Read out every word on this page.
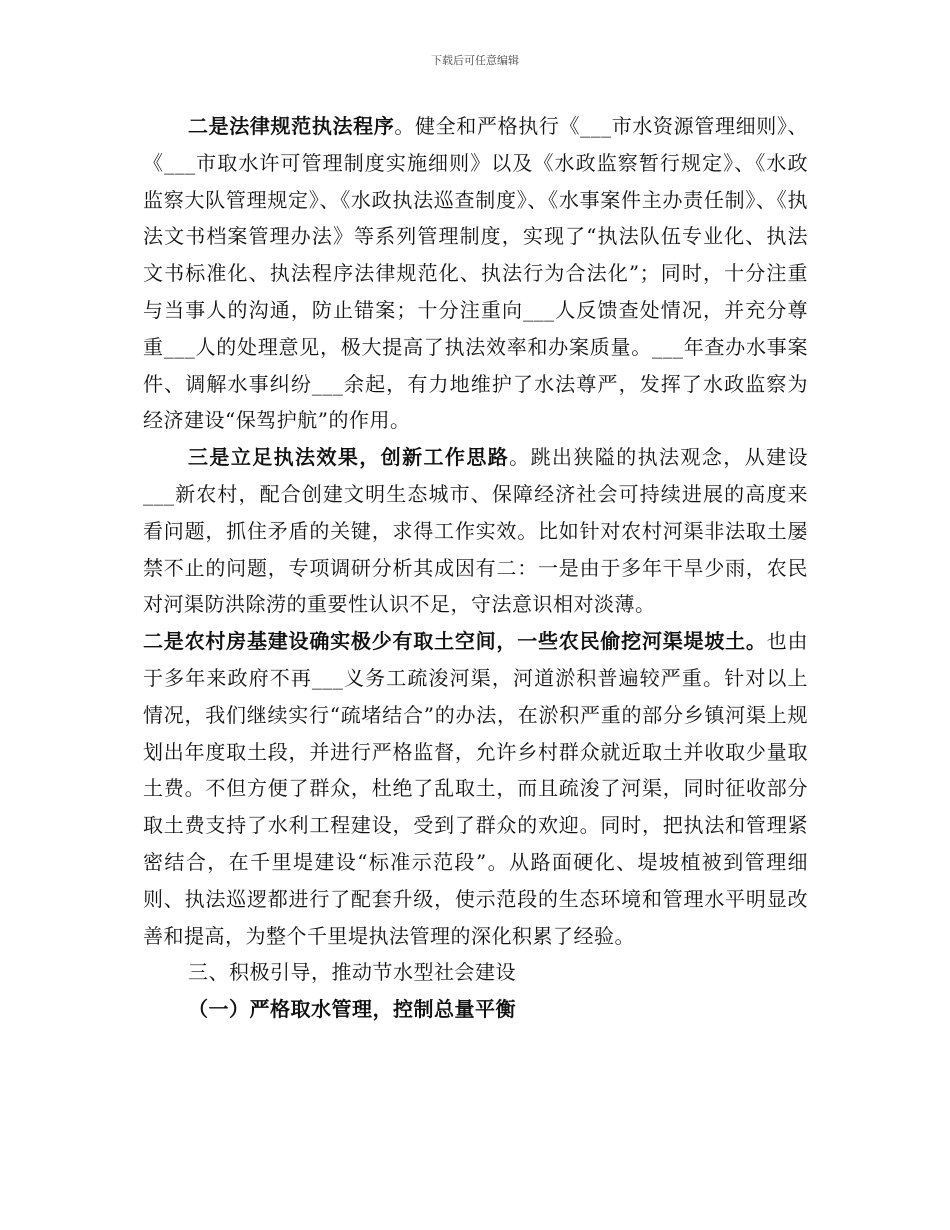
下载后可任意编辑

二是法律规范执法程序。健全和严格执行《___市水资源管理细则》、《___市取水许可管理制度实施细则》以及《水政监察暂行规定》、《水政监察大队管理规定》、《水政执法巡查制度》、《水事案件主办责任制》、《执法文书档案管理办法》等系列管理制度，实现了“执法队伍专业化、执法文书标准化、执法程序法律规范化、执法行为合法化”；同时，十分注重与当事人的沟通，防止错案；十分注重向___人反馈查处情况，并充分尊重___人的处理意见，极大提高了执法效率和办案质量。___年查办水事案件、调解水事纠纷___余起，有力地维护了水法尊严，发挥了水政监察为经济建设“保驾护航”的作用。

三是立足执法效果，创新工作思路。跳出狭隘的执法观念，从建设___新农村，配合创建文明生态城市、保障经济社会可持续进展的高度来看问题，抓住矛盾的关键，求得工作实效。比如针对农村河渠非法取土屡禁不止的问题，专项调研分析其成因有二：一是由于多年干旱少雨，农民对河渠防洪除涝的重要性认识不足，守法意识相对淡薄。

二是农村房基建设确实极少有取土空间，一些农民偷挖河渠堤坡土。也由于多年来政府不再___义务工疏浚河渠，河道淤积普遍较严重。针对以上情况，我们继续实行“疏堵结合”的办法，在淤积严重的部分乡镇河渠上规划出年度取土段，并进行严格监督，允许乡村群众就近取土并收取少量取土费。不但方便了群众，杜绝了乱取土，而且疏浚了河渠，同时征收部分取土费支持了水利工程建设，受到了群众的欢迎。同时，把执法和管理紧密结合，在千里堤建设“标准示范段”。从路面硬化、堤坡植被到管理细则、执法巡逻都进行了配套升级，使示范段的生态环境和管理水平明显改善和提高，为整个千里堤执法管理的深化积累了经验。

三、积极引导，推动节水型社会建设

（一）严格取水管理，控制总量平衡
